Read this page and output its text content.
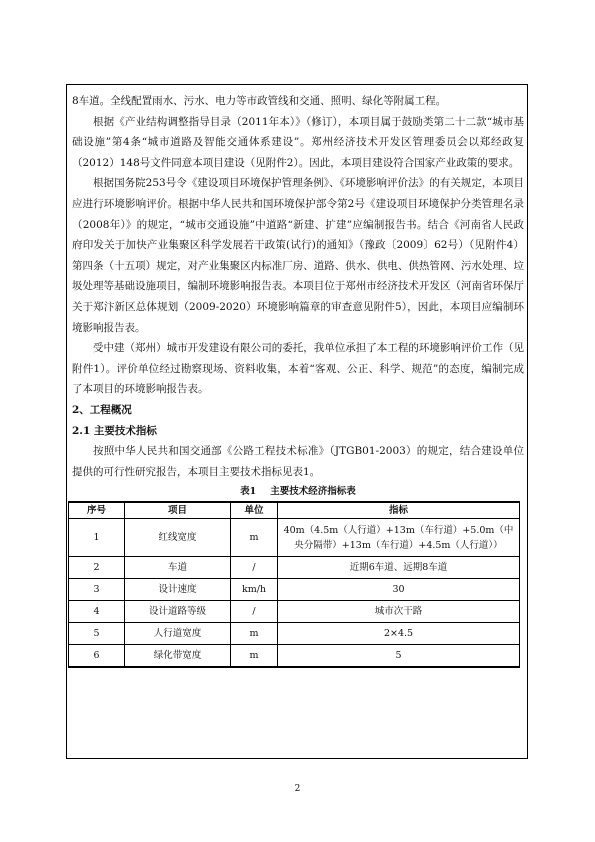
8车道。全线配置雨水、污水、电力等市政管线和交通、照明、绿化等附属工程。

根据《产业结构调整指导目录（2011年本）》（修订），本项目属于鼓励类第二十二款“城市基础设施”第4条“城市道路及智能交通体系建设”。郑州经济技术开发区管理委员会以郑经政复（2012）148号文件同意本项目建设（见附件2）。因此，本项目建设符合国家产业政策的要求。

根据国务院253号令《建设项目环境保护管理条例》、《环境影响评价法》的有关规定，本项目应进行环境影响评价。根据中华人民共和国环境保护部令第2号《建设项目环境保护分类管理名录（2008年）》的规定，“城市交通设施”中道路“新建、扩建”应编制报告书。结合《河南省人民政府印发关于加快产业集聚区科学发展若干政策(试行)的通知》（豫政〔2009〕62号）（见附件4）第四条（十五项）规定，对产业集聚区内标准厂房、道路、供水、供电、供热管网、污水处理、垃圾处理等基础设施项目，编制环境影响报告表。本项目位于郑州市经济技术开发区（河南省环保厅关于郑汴新区总体规划（2009-2020）环境影响篇章的审查意见附件5），因此，本项目应编制环境影响报告表。

受中建（郑州）城市开发建设有限公司的委托，我单位承担了本工程的环境影响评价工作（见附件1）。评价单位经过勘察现场、资料收集，本着“客观、公正、科学、规范”的态度，编制完成了本项目的环境影响报告表。

2、工程概况

2.1 主要技术指标

按照中华人民共和国交通部《公路工程技术标准》（JTGB01-2003）的规定，结合建设单位提供的可行性研究报告，本项目主要技术指标见表1。

表1 主要技术经济指标表
序号	项目	单位	指标
1	红线宽度	m	40m（4.5m（人行道）+13m（车行道）+5.0m（中央分隔带）+13m（车行道）+4.5m（人行道））
2	车道	/	近期6车道、远期8车道
3	设计速度	km/h	30
4	设计道路等级	/	城市次干路
5	人行道宽度	m	2×4.5
6	绿化带宽度	m	5
2
